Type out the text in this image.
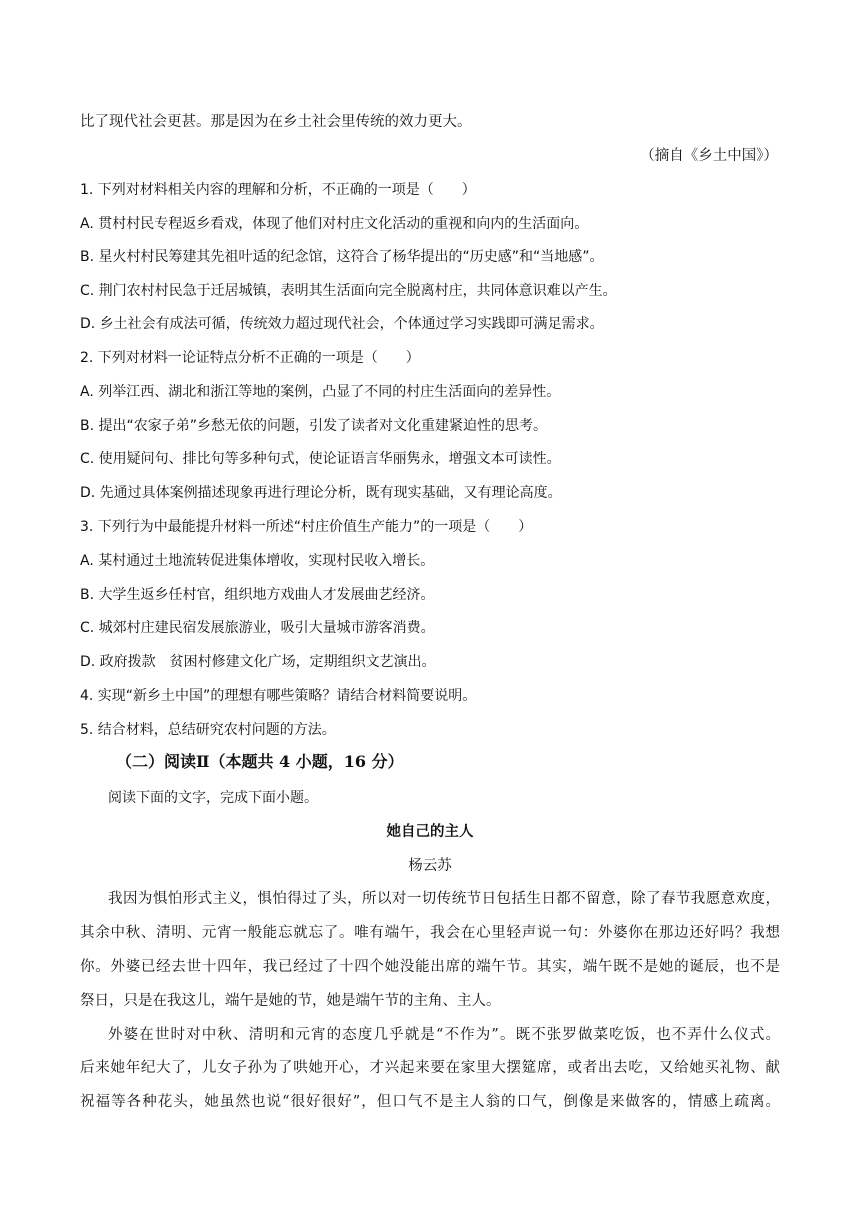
比了现代社会更甚。那是因为在乡土社会里传统的效力更大。
（摘自《乡土中国》）
1. 下列对材料相关内容的理解和分析，不正确的一项是（　　）
A. 贯村村民专程返乡看戏，体现了他们对村庄文化活动的重视和向内的生活面向。
B. 星火村村民筹建其先祖叶适的纪念馆，这符合了杨华提出的“历史感”和“当地感”。
C. 荆门农村村民急于迁居城镇，表明其生活面向完全脱离村庄，共同体意识难以产生。
D. 乡土社会有成法可循，传统效力超过现代社会，个体通过学习实践即可满足需求。
2. 下列对材料一论证特点分析不正确的一项是（　　）
A. 列举江西、湖北和浙江等地的案例，凸显了不同的村庄生活面向的差异性。
B. 提出“农家子弟”乡愁无依的问题，引发了读者对文化重建紧迫性的思考。
C. 使用疑问句、排比句等多种句式，使论证语言华丽隽永，增强文本可读性。
D. 先通过具体案例描述现象再进行理论分析，既有现实基础，又有理论高度。
3. 下列行为中最能提升材料一所述“村庄价值生产能力”的一项是（　　）
A. 某村通过土地流转促进集体增收，实现村民收入增长。
B. 大学生返乡任村官，组织地方戏曲人才发展曲艺经济。
C. 城郊村庄建民宿发展旅游业，吸引大量城市游客消费。
D. 政府拨款　贫困村修建文化广场，定期组织文艺演出。
4. 实现“新乡土中国”的理想有哪些策略？请结合材料简要说明。
5. 结合材料，总结研究农村问题的方法。
（二）阅读Ⅱ（本题共 4 小题，16 分）
阅读下面的文字，完成下面小题。
她自己的主人
杨云苏
我因为惧怕形式主义，惧怕得过了头，所以对一切传统节日包括生日都不留意，除了春节我愿意欢度，
其余中秋、清明、元宵一般能忘就忘了。唯有端午，我会在心里轻声说一句：外婆你在那边还好吗？我想
你。外婆已经去世十四年，我已经过了十四个她没能出席的端午节。其实，端午既不是她的诞辰，也不是
祭日，只是在我这儿，端午是她的节，她是端午节的主角、主人。
外婆在世时对中秋、清明和元宵的态度几乎就是“不作为”。既不张罗做菜吃饭，也不弄什么仪式。
后来她年纪大了，儿女子孙为了哄她开心，才兴起来要在家里大摆筵席，或者出去吃，又给她买礼物、献
祝福等各种花头，她虽然也说“很好很好”，但口气不是主人翁的口气，倒像是来做客的，情感上疏离。
